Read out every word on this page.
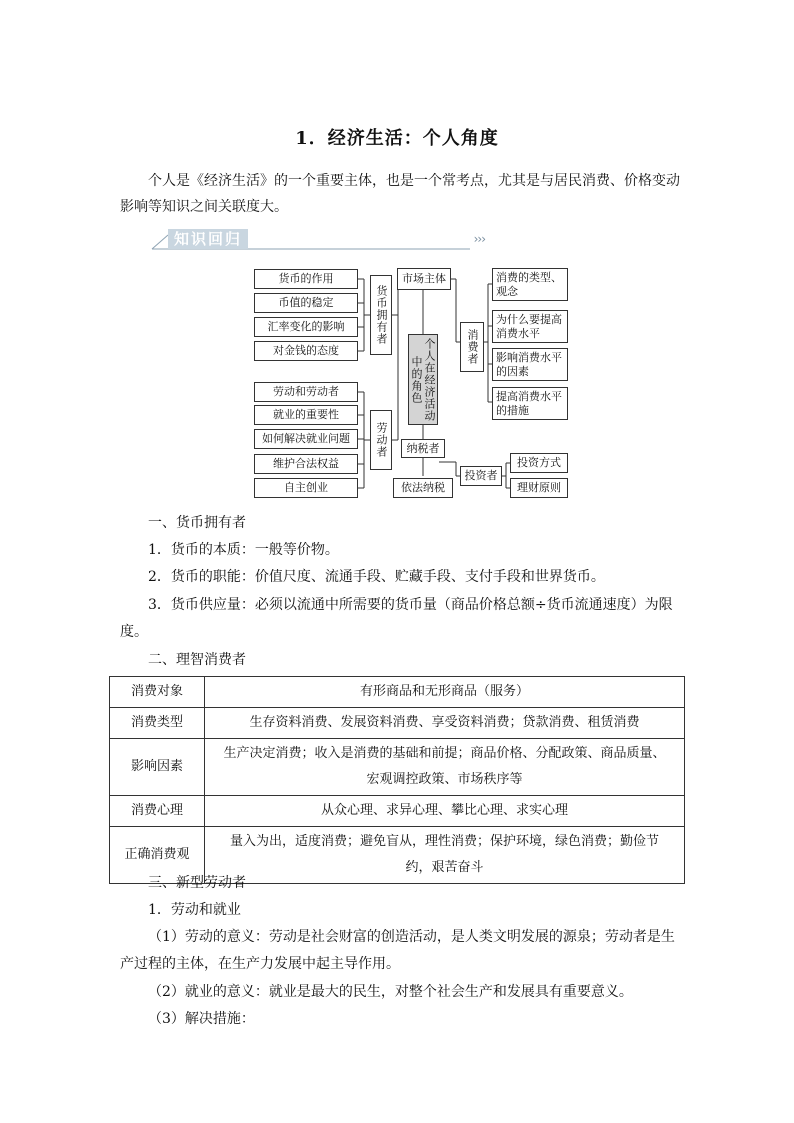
1．经济生活：个人角度
个人是《经济生活》的一个重要主体，也是一个常考点，尤其是与居民消费、价格变动影响等知识之间关联度大。
知识回归	›››
货币的作用
币值的稳定
汇率变化的影响
对金钱的态度
劳动和劳动者
就业的重要性
如何解决就业问题
维护合法权益
自主创业
货币拥有者
劳动者
市场主体
个人在经济活动中的角色
纳税者
依法纳税
消费者
消费的类型、观念
为什么要提高消费水平
影响消费水平的因素
提高消费水平的措施
投资者
投资方式
理财原则
一、货币拥有者
1．货币的本质：一般等价物。
2．货币的职能：价值尺度、流通手段、贮藏手段、支付手段和世界货币。
3．货币供应量：必须以流通中所需要的货币量（商品价格总额÷货币流通速度）为限
度。
二、理智消费者
消费对象	有形商品和无形商品（服务）
消费类型	生存资料消费、发展资料消费、享受资料消费；贷款消费、租赁消费
影响因素	生产决定消费；收入是消费的基础和前提；商品价格、分配政策、商品质量、
宏观调控政策、市场秩序等

消费心理	从众心理、求异心理、攀比心理、求实心理
正确消费观	量入为出，适度消费；避免盲从，理性消费；保护环境，绿色消费；勤俭节
约，艰苦奋斗
三、新型劳动者
1．劳动和就业
（1）劳动的意义：劳动是社会财富的创造活动，是人类文明发展的源泉；劳动者是生
产过程的主体，在生产力发展中起主导作用。
（2）就业的意义：就业是最大的民生，对整个社会生产和发展具有重要意义。
（3）解决措施：
